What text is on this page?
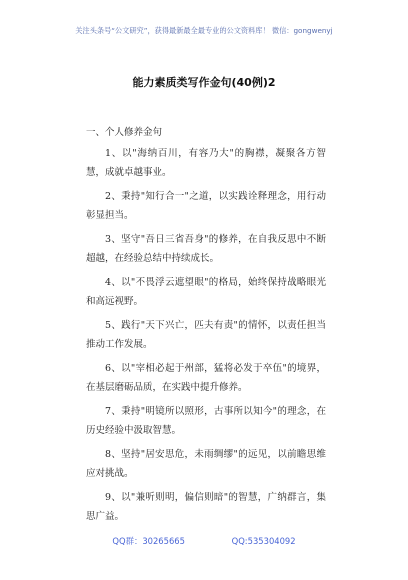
关注头条号“公文研究”，获得最新最全最专业的公文资料库！ 微信：gongwenyj
能力素质类写作金句(40例)2
一、个人修养金句

1、以"海纳百川，有容乃大"的胸襟，凝聚各方智慧，成就卓越事业。

2、秉持"知行合一"之道，以实践诠释理念，用行动彰显担当。

3、坚守"吾日三省吾身"的修养，在自我反思中不断超越，在经验总结中持续成长。

4、以"不畏浮云遮望眼"的格局，始终保持战略眼光和高远视野。

5、践行"天下兴亡，匹夫有责"的情怀，以责任担当推动工作发展。

6、以"宰相必起于州部，猛将必发于卒伍"的境界，在基层磨砺品质，在实践中提升修养。

7、秉持"明镜所以照形，古事所以知今"的理念，在历史经验中汲取智慧。

8、坚持"居安思危，未雨绸缪"的远见，以前瞻思维应对挑战。

9、以"兼听则明，偏信则暗"的智慧，广纳群言，集思广益。

QQ群：30265665	QQ:535304092
